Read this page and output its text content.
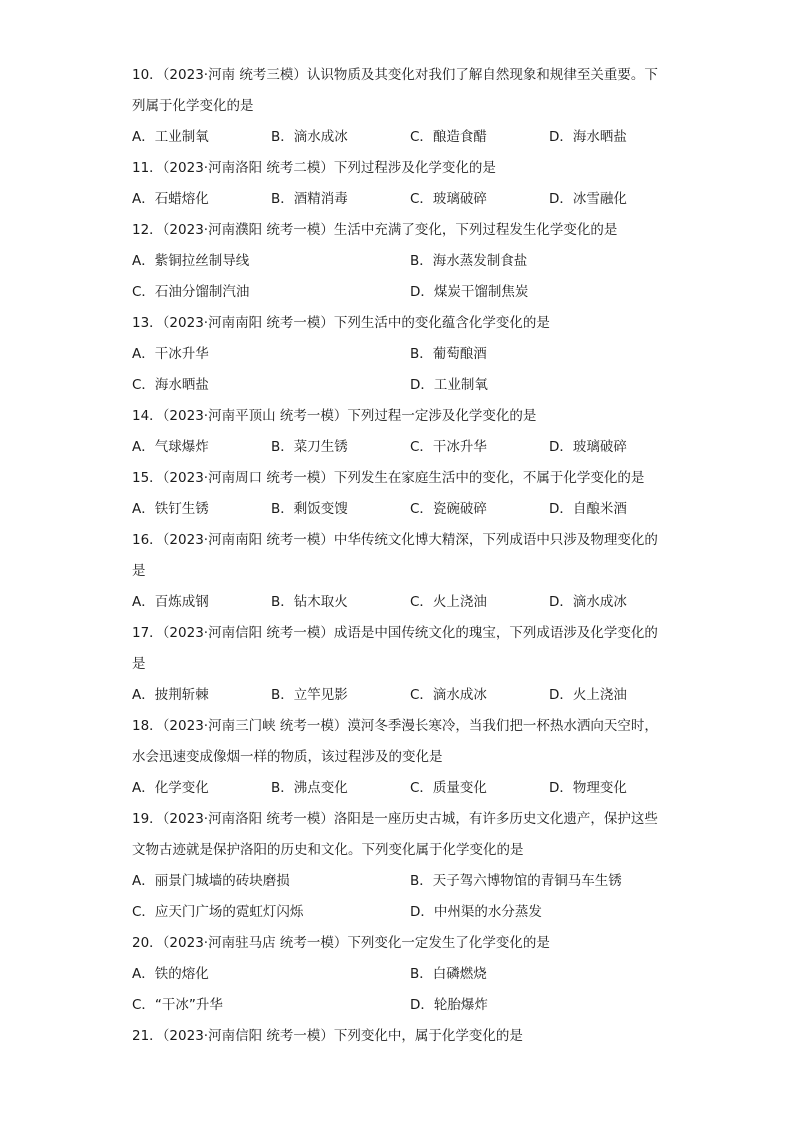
10．（2023·河南 统考三模）认识物质及其变化对我们了解自然现象和规律至关重要。下
列属于化学变化的是
A．工业制氧	B．滴水成冰	C．酿造食醋	D．海水晒盐
11．（2023·河南洛阳 统考二模）下列过程涉及化学变化的是
A．石蜡熔化	B．酒精消毒	C．玻璃破碎	D．冰雪融化
12．（2023·河南濮阳 统考一模）生活中充满了变化，下列过程发生化学变化的是
A．紫铜拉丝制导线	B．海水蒸发制食盐
C．石油分馏制汽油	D．煤炭干馏制焦炭
13．（2023·河南南阳 统考一模）下列生活中的变化蕴含化学变化的是
A．干冰升华	B．葡萄酿酒
C．海水晒盐	D．工业制氧
14．（2023·河南平顶山 统考一模）下列过程一定涉及化学变化的是
A．气球爆炸	B．菜刀生锈	C．干冰升华	D．玻璃破碎
15．（2023·河南周口 统考一模）下列发生在家庭生活中的变化，不属于化学变化的是
A．铁钉生锈	B．剩饭变馊	C．瓷碗破碎	D．自酿米酒
16．（2023·河南南阳 统考一模）中华传统文化博大精深，下列成语中只涉及物理变化的
是
A．百炼成钢	B．钻木取火	C．火上浇油	D．滴水成冰
17．（2023·河南信阳 统考一模）成语是中国传统文化的瑰宝，下列成语涉及化学变化的
是
A．披荆斩棘	B．立竿见影	C．滴水成冰	D．火上浇油
18．（2023·河南三门峡 统考一模）漠河冬季漫长寒冷，当我们把一杯热水洒向天空时，
水会迅速变成像烟一样的物质，该过程涉及的变化是
A．化学变化	B．沸点变化	C．质量变化	D．物理变化
19．（2023·河南洛阳 统考一模）洛阳是一座历史古城，有许多历史文化遗产，保护这些
文物古迹就是保护洛阳的历史和文化。下列变化属于化学变化的是
A．丽景门城墙的砖块磨损	B．天子驾六博物馆的青铜马车生锈
C．应天门广场的霓虹灯闪烁	D．中州渠的水分蒸发
20．（2023·河南驻马店 统考一模）下列变化一定发生了化学变化的是
A．铁的熔化	B．白磷燃烧
C．“干冰”升华	D．轮胎爆炸
21．（2023·河南信阳 统考一模）下列变化中，属于化学变化的是
